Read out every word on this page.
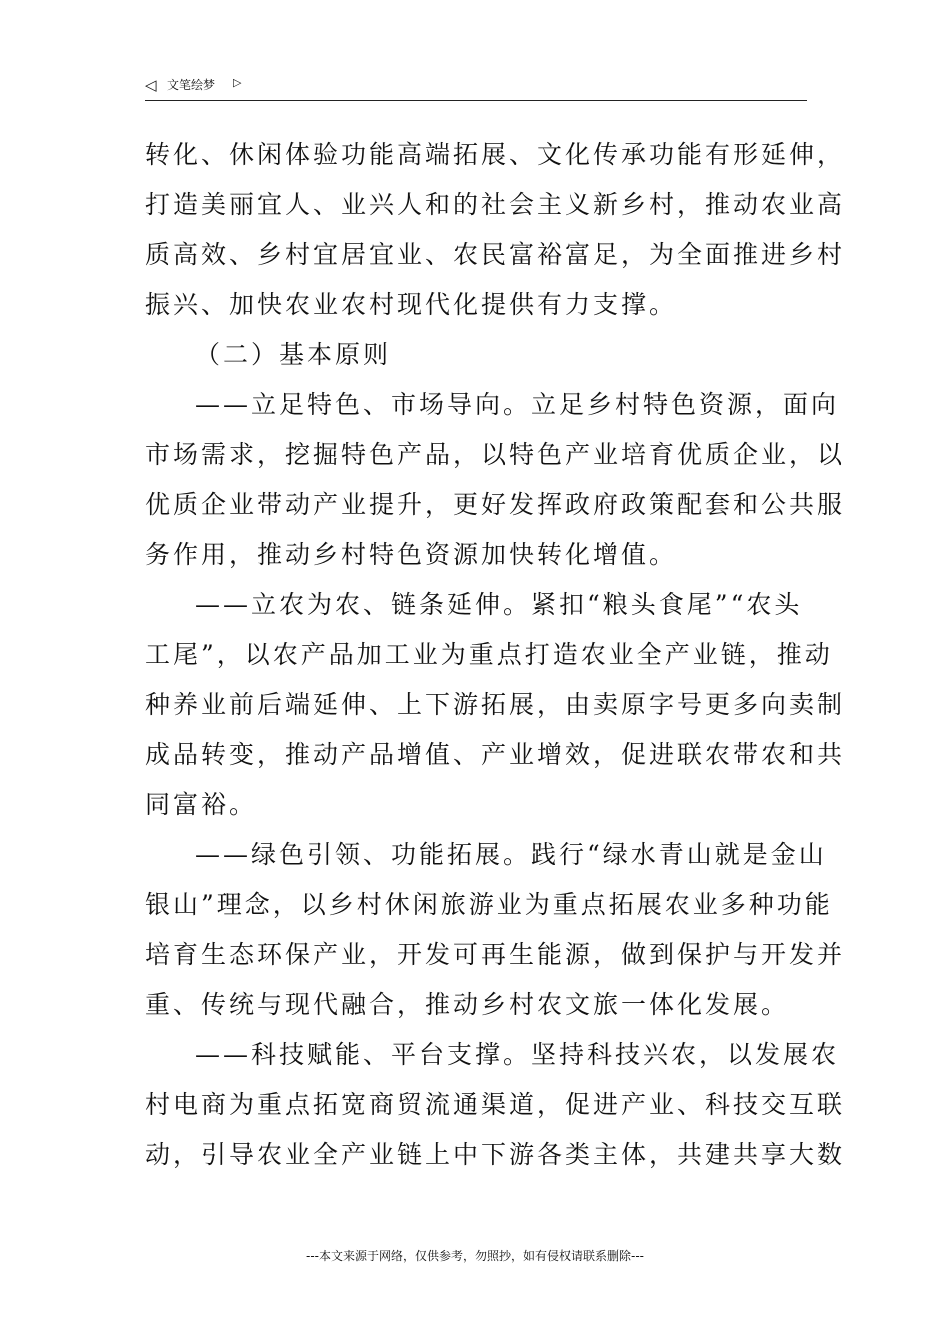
◁ 文笔绘梦 ▷

转化、休闲体验功能高端拓展、文化传承功能有形延伸，
打造美丽宜人、业兴人和的社会主义新乡村，推动农业高
质高效、乡村宜居宜业、农民富裕富足，为全面推进乡村
振兴、加快农业农村现代化提供有力支撑。

（二）基本原则

——立足特色、市场导向。立足乡村特色资源，面向
市场需求，挖掘特色产品，以特色产业培育优质企业，以
优质企业带动产业提升，更好发挥政府政策配套和公共服
务作用，推动乡村特色资源加快转化增值。

——立农为农、链条延伸。紧扣“粮头食尾”“农头
工尾”，以农产品加工业为重点打造农业全产业链，推动
种养业前后端延伸、上下游拓展，由卖原字号更多向卖制
成品转变，推动产品增值、产业增效，促进联农带农和共
同富裕。

——绿色引领、功能拓展。践行“绿水青山就是金山
银山”理念，以乡村休闲旅游业为重点拓展农业多种功能
培育生态环保产业，开发可再生能源，做到保护与开发并
重、传统与现代融合，推动乡村农文旅一体化发展。

——科技赋能、平台支撑。坚持科技兴农，以发展农
村电商为重点拓宽商贸流通渠道，促进产业、科技交互联
动，引导农业全产业链上中下游各类主体，共建共享大数

---本文来源于网络，仅供参考，勿照抄，如有侵权请联系删除---
